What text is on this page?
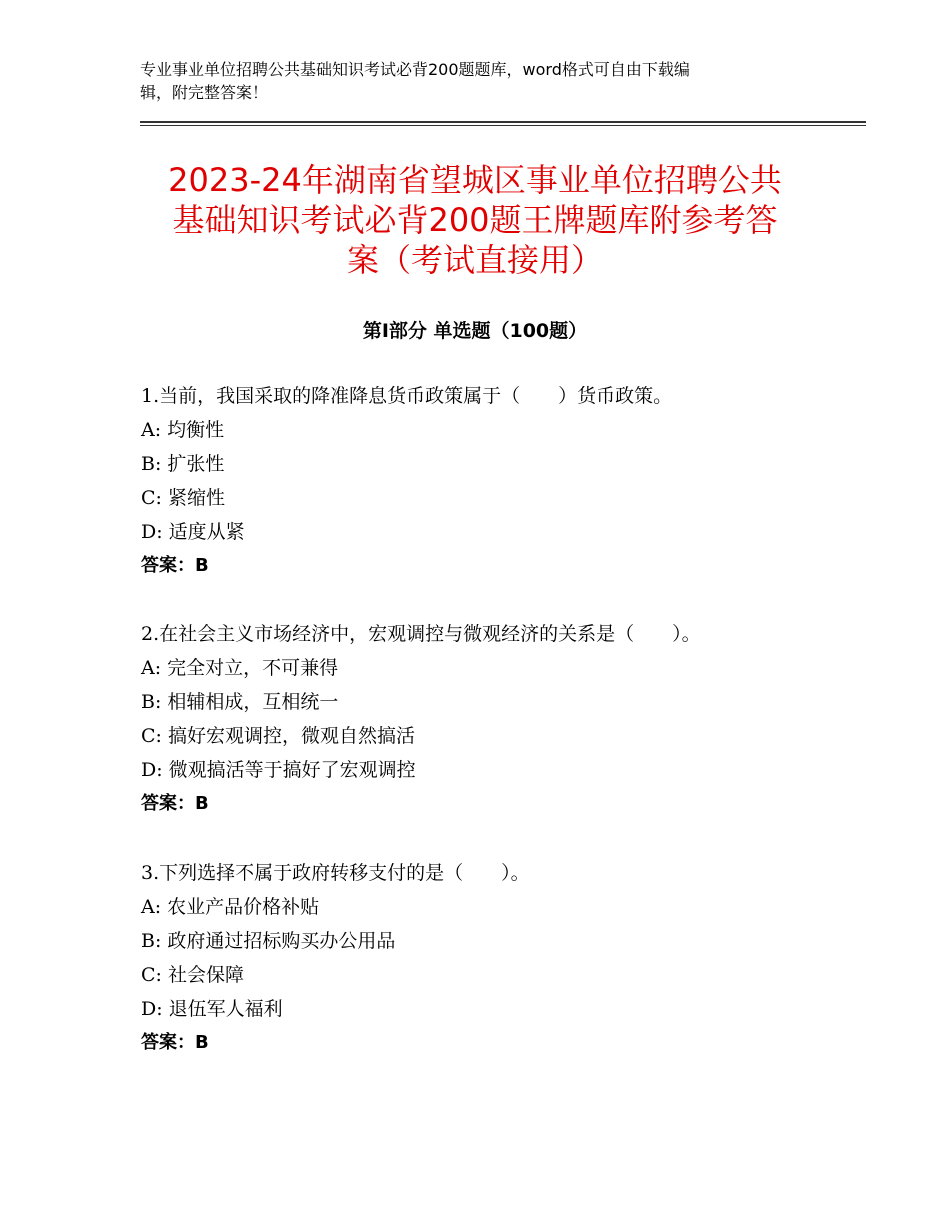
专业事业单位招聘公共基础知识考试必背200题题库，word格式可自由下载编
辑，附完整答案！
2023-24年湖南省望城区事业单位招聘公共
基础知识考试必背200题王牌题库附参考答
案（考试直接用）
第Ⅰ部分 单选题（100题）
1.当前，我国采取的降准降息货币政策属于（　　）货币政策。
A: 均衡性
B: 扩张性
C: 紧缩性
D: 适度从紧
答案：B
2.在社会主义市场经济中，宏观调控与微观经济的关系是（　　）。
A: 完全对立，不可兼得
B: 相辅相成，互相统一
C: 搞好宏观调控，微观自然搞活
D: 微观搞活等于搞好了宏观调控
答案：B
3.下列选择不属于政府转移支付的是（　　）。
A: 农业产品价格补贴
B: 政府通过招标购买办公用品
C: 社会保障
D: 退伍军人福利
答案：B
